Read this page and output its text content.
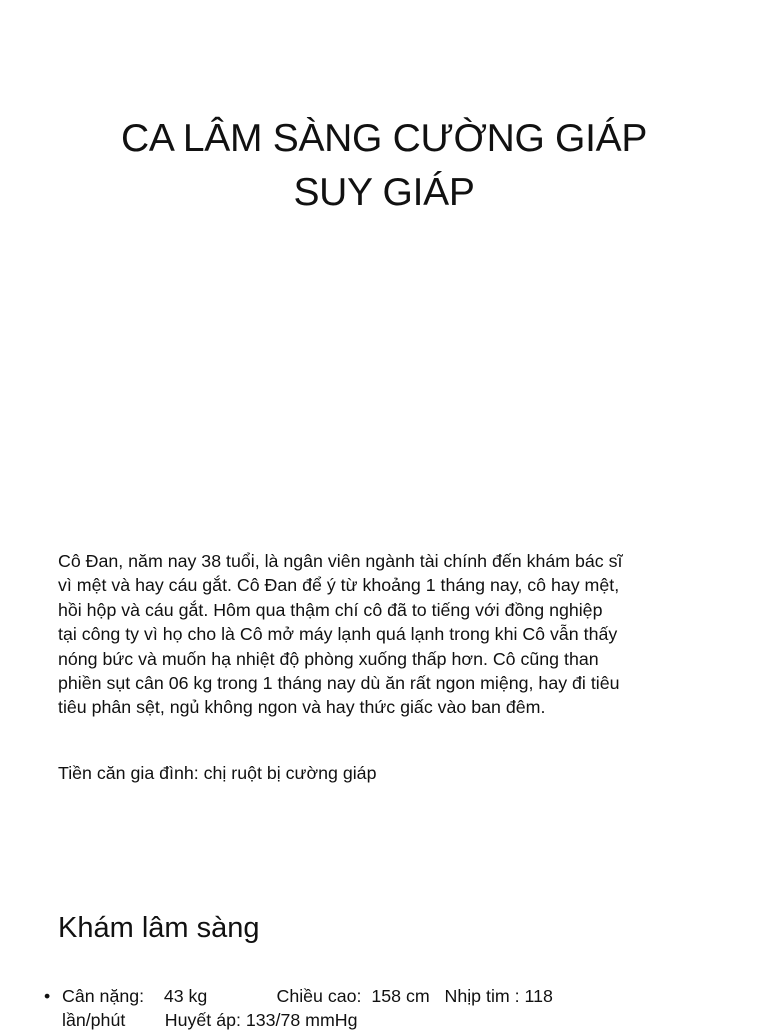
CA LÂM SÀNG CƯỜNG GIÁP
SUY GIÁP
Cô Đan, năm nay 38 tuổi, là ngân viên ngành tài chính đến khám bác sĩ
vì mệt và hay cáu gắt. Cô Đan để ý từ khoảng 1 tháng nay, cô hay mệt,
hồi hộp và cáu gắt. Hôm qua thậm chí cô đã to tiếng với đồng nghiệp
tại công ty vì họ cho là Cô mở máy lạnh quá lạnh trong khi Cô vẫn thấy
nóng bức và muốn hạ nhiệt độ phòng xuống thấp hơn. Cô cũng than
phiền sụt cân 06 kg trong 1 tháng nay dù ăn rất ngon miệng, hay đi tiêu
tiêu phân sệt, ngủ không ngon và hay thức giấc vào ban đêm.

Tiền căn gia đình: chị ruột bị cường giáp

Khám lâm sàng
• Cân nặng:    43 kg              Chiều cao:  158 cm   Nhịp tim : 118
lần/phút        Huyết áp: 133/78 mmHg
